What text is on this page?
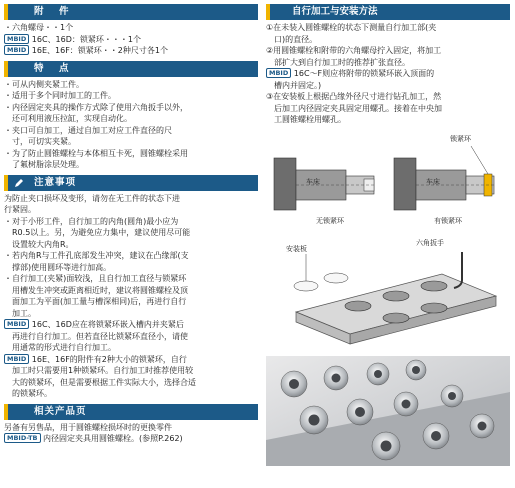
附　件
・六角螺母・・1个
MBID 16C、16D：锁紧环・・・1个
MBID 16E、16F：锁紧环・・2种尺寸各1个
特　点
・可从内侧夹紧工件。
・适用于多个同时加工的工件。
・内径固定夹具的操作方式除了使用六角扳手以外，
　还可利用液压拉缸，实现自动化。
・夹口可自加工，通过自加工对应工件直径的尺
　寸，可切实夹紧。
・为了防止圆锥螺栓与本体相互卡死，圆锥螺栓采用
　了氟树脂涂层处理。
注意事项
为防止夹口损坏及变形，请勿在无工件的状态下进
行紧固。
・对于小形工件，自行加工的内角(圆角)最小应为
　R0.5以上。另，为避免应力集中，建议使用尽可能
　设置较大内角R。
・若内角R与工件孔底部发生冲突，建议在凸缘部(支
　撑部)使用圆环等进行加高。
・自行加工(夹紧)面较浅，且自行加工直径与锁紧环
　用槽发生冲突或距离相近时，建议将圆锥螺栓及顶
　面加工为平面(加工量与槽深相同)后，再进行自行
　加工。
MBID 16C、16D应在将锁紧环嵌入槽内并夹紧后
　再进行自行加工。但若直径比锁紧环直径小，请使
　用通常的形式进行自行加工。
MBID 16E、16F的附件有2种大小的锁紧环，自行
　加工时只需要用1种锁紧环。自行加工时推荐使用较
　大的锁紧环，但是需要根据工件实际大小，选择合适
　的锁紧环。
相关产品页
另备有另售品，用于圆锥螺栓损坏时的更换零件
MBID-TB 内径固定夹具用圆锥螺栓。(参照P.262)
自行加工与安装方法
①在未装入圆锥螺栓的状态下测量自行加工部(夹
　口)的直径。
②用圆锥螺栓和附带的六角螺母拧入固定，将加工
　部扩大到自行加工时的推荐扩张直径。
MBID 16C～F则应将附带的锁紧环嵌入顶面的
　槽内并固定。)
③在安装板上根据凸缘外径尺寸进行钻孔加工，然
　后加工内径固定夹具固定用螺孔。接着在中央加
　工圆锥螺栓用螺孔。
锁紧环
车床	车床
无锁紧环	有锁紧环
安装板
六角扳手
